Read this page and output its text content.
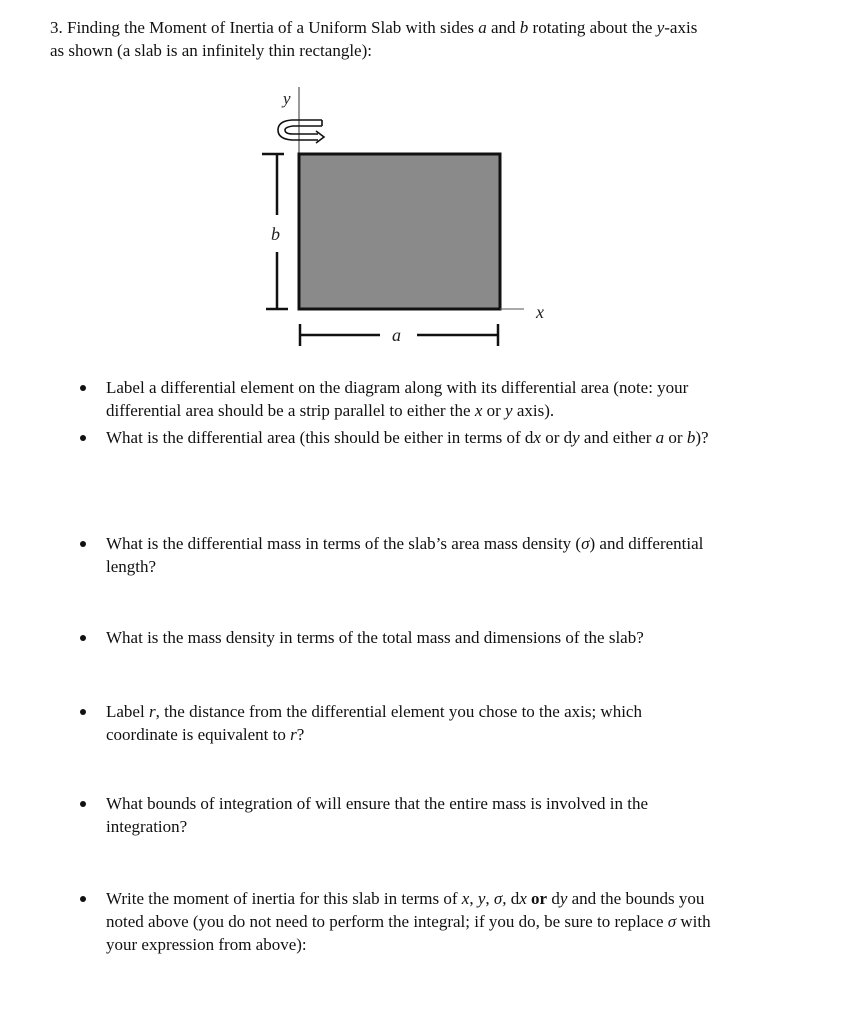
3. Finding the Moment of Inertia of a Uniform Slab with sides a and b rotating about the y-axis

as shown (a slab is an infinitely thin rectangle):

y
x
b
a
Label a differential element on the diagram along with its differential area (note: your
differential area should be a strip parallel to either the x or y axis).
What is the differential area (this should be either in terms of dx or dy and either a or b)?
What is the differential mass in terms of the slab’s area mass density (σ) and differential
length?
What is the mass density in terms of the total mass and dimensions of the slab?
Label r, the distance from the differential element you chose to the axis; which
coordinate is equivalent to r?
What bounds of integration of will ensure that the entire mass is involved in the
integration?
Write the moment of inertia for this slab in terms of x, y, σ, dx or dy and the bounds you
noted above (you do not need to perform the integral; if you do, be sure to replace σ with
your expression from above):
